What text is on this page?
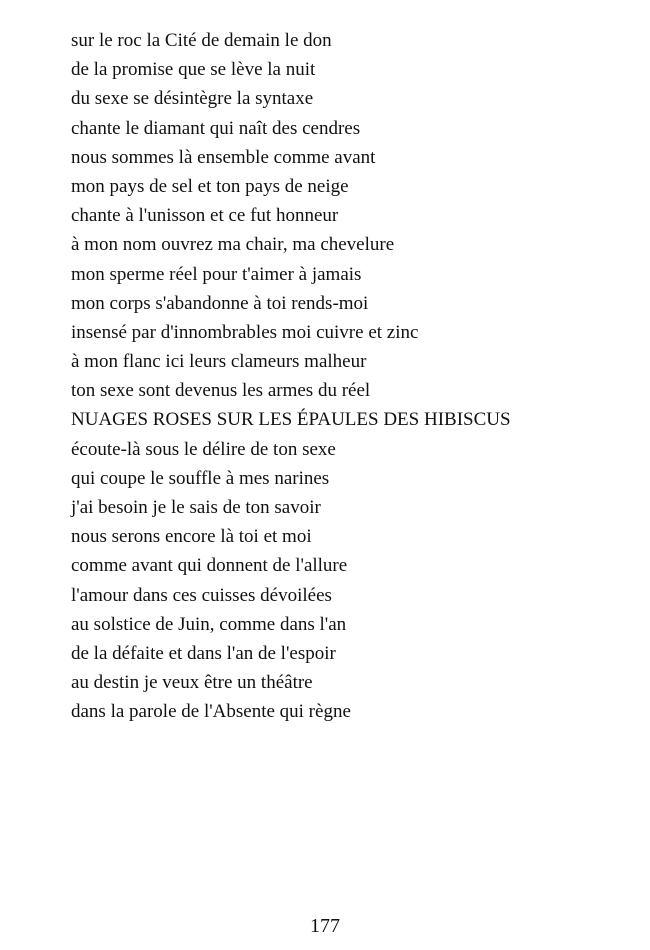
sur le roc la Cité de demain le don
de la promise que se lève la nuit
du sexe se désintègre la syntaxe
chante le diamant qui naît des cendres
nous sommes là ensemble comme avant
mon pays de sel et ton pays de neige
chante à l'unisson et ce fut honneur
à mon nom ouvrez ma chair, ma chevelure
mon sperme réel pour t'aimer à jamais
mon corps s'abandonne à toi rends-moi
insensé par d'innombrables moi cuivre et zinc
à mon flanc ici leurs clameurs malheur
ton sexe sont devenus les armes du réel
NUAGES ROSES SUR LES ÉPAULES DES HIBISCUS
écoute-là sous le délire de ton sexe
qui coupe le souffle à mes narines
j'ai besoin je le sais de ton savoir
nous serons encore là toi et moi
comme avant qui donnent de l'allure
l'amour dans ces cuisses dévoilées
au solstice de Juin, comme dans l'an
de la défaite et dans l'an de l'espoir
au destin je veux être un théâtre
dans la parole de l'Absente qui règne
177
